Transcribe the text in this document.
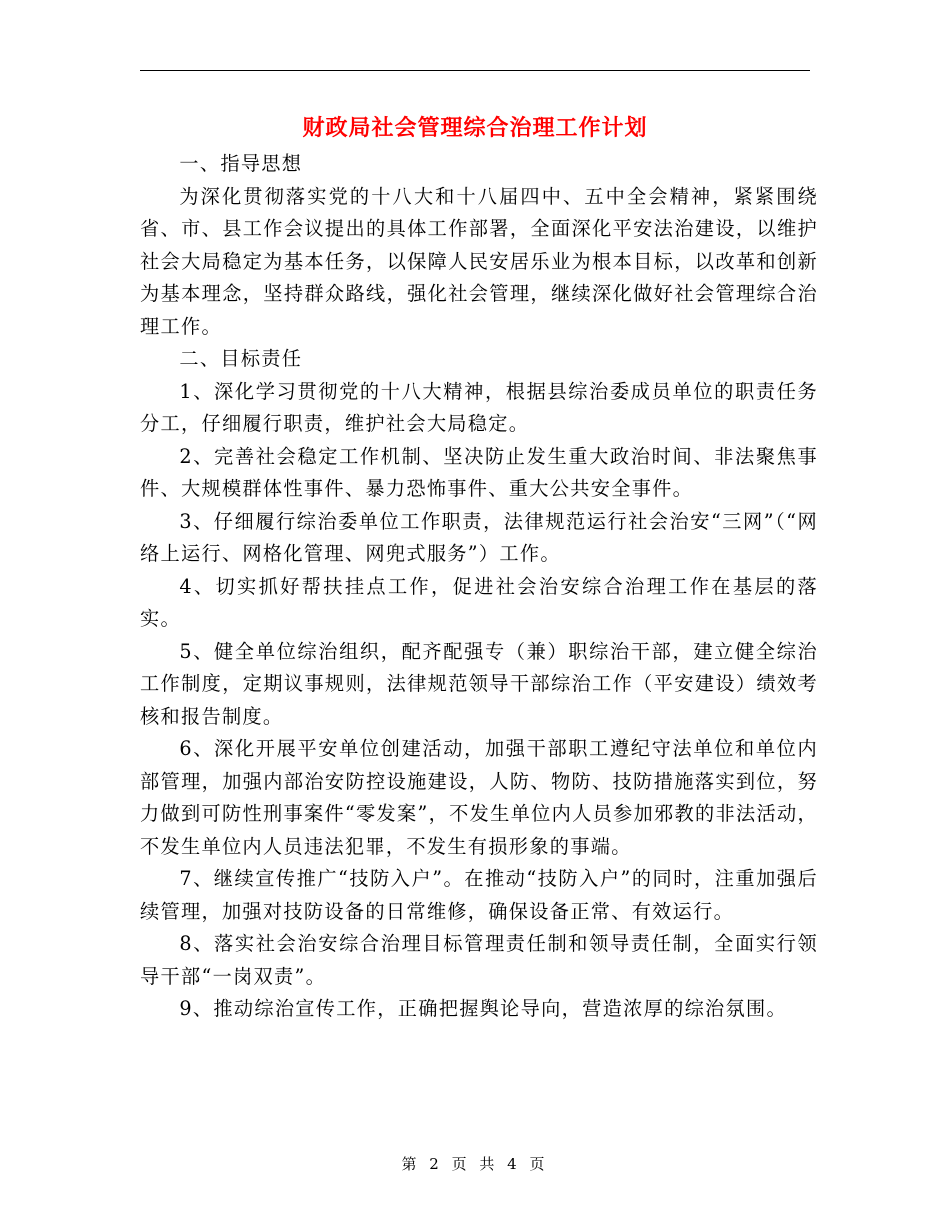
财政局社会管理综合治理工作计划

一、指导思想

为深化贯彻落实党的十八大和十八届四中、五中全会精神，紧紧围绕省、市、县工作会议提出的具体工作部署，全面深化平安法治建设，以维护社会大局稳定为基本任务，以保障人民安居乐业为根本目标，以改革和创新为基本理念，坚持群众路线，强化社会管理，继续深化做好社会管理综合治理工作。

二、目标责任

1、深化学习贯彻党的十八大精神，根据县综治委成员单位的职责任务分工，仔细履行职责，维护社会大局稳定。

2、完善社会稳定工作机制、坚决防止发生重大政治时间、非法聚焦事件、大规模群体性事件、暴力恐怖事件、重大公共安全事件。

3、仔细履行综治委单位工作职责，法律规范运行社会治安“三网”（“网络上运行、网格化管理、网兜式服务”）工作。

4、切实抓好帮扶挂点工作，促进社会治安综合治理工作在基层的落实。

5、健全单位综治组织，配齐配强专（兼）职综治干部，建立健全综治工作制度，定期议事规则，法律规范领导干部综治工作（平安建设）绩效考核和报告制度。

6、深化开展平安单位创建活动，加强干部职工遵纪守法单位和单位内部管理，加强内部治安防控设施建设，人防、物防、技防措施落实到位，努力做到可防性刑事案件“零发案”，不发生单位内人员参加邪教的非法活动，不发生单位内人员违法犯罪，不发生有损形象的事端。

7、继续宣传推广“技防入户”。在推动“技防入户”的同时，注重加强后续管理，加强对技防设备的日常维修，确保设备正常、有效运行。

8、落实社会治安综合治理目标管理责任制和领导责任制，全面实行领导干部“一岗双责”。

9、推动综治宣传工作，正确把握舆论导向，营造浓厚的综治氛围。

第 2 页 共 4 页
